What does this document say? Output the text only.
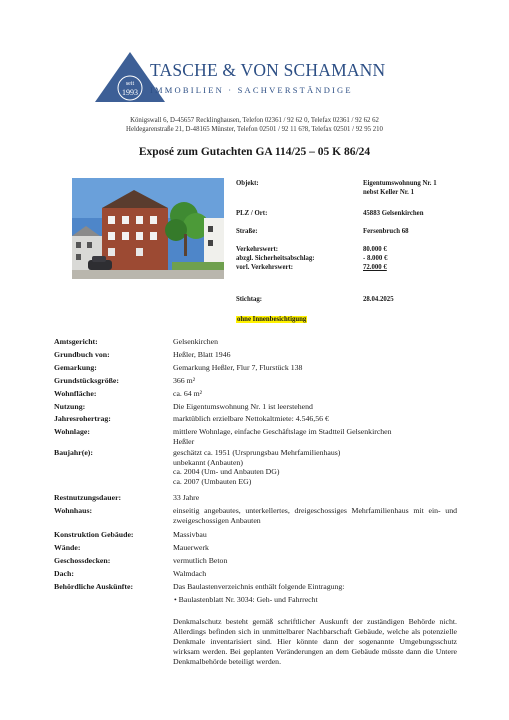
seit
1993
TASCHE & VON SCHAMANN
IMMOBILIEN · SACHVERSTÄNDIGE
Königswall 6, D-45657 Recklinghausen, Telefon 02361 / 92 62 0, Telefax 02361 / 92 62 62
Heldegarenstraße 21, D-48165 Münster, Telefon 02501 / 92 11 6?8, Telefax 02501 / 92 95 210
Exposé zum Gutachten GA 114/25 – 05 K 86/24
Objekt:	Eigentumswohnung Nr. 1
nebst Keller Nr. 1
PLZ / Ort:	45883 Gelsenkirchen
Straße:	Fersenbruch 68
Verkehrswert:	80.000 €
abzgl. Sicherheitsabschlag:	- 8.000 €
vorl. Verkehrswert:	72.000 €
Stichtag:	28.04.2025
ohne Innenbesichtigung
Amtsgericht:	Gelsenkirchen
Grundbuch von:	Heßler, Blatt 1946
Gemarkung:	Gemarkung Heßler, Flur 7, Flurstück 138
Grundstücksgröße:	366 m²
Wohnfläche:	ca. 64 m²
Nutzung:	Die Eigentumswohnung Nr. 1 ist leerstehend
Jahresrohertrag:	marktüblich erzielbare Nettokaltmiete: 4.546,56 €
Wohnlage:	mittlere Wohnlage, einfache Geschäftslage im Stadtteil Gelsenkirchen
Heßler
Baujahr(e):	geschätzt ca. 1951 (Ursprungsbau Mehrfamilienhaus)
unbekannt (Anbauten)
ca. 2004 (Um- und Anbauten DG)
ca. 2007 (Umbauten EG)
Restnutzungsdauer:	33 Jahre
Wohnhaus:	einseitig angebautes, unterkellertes, dreigeschossiges Mehrfamilienhaus mit ein- und zweigeschossigen Anbauten
Konstruktion Gebäude:	Massivbau
Wände:	Mauerwerk
Geschossdecken:	vermutlich Beton
Dach:	Walmdach
Behördliche Auskünfte:	Das Baulastenverzeichnis enthält folgende Eintragung:
• Baulastenblatt Nr. 3034: Geh- und Fahrrecht
Denkmalschutz besteht gemäß schriftlicher Auskunft der zuständigen Behörde nicht. Allerdings befinden sich in unmittelbarer Nachbarschaft Gebäude, welche als potenzielle Denkmale inventarisiert sind. Hier könnte dann der sogenannte Umgebungsschutz wirksam werden. Bei geplanten Veränderungen an dem Gebäude müsste dann die Untere Denkmalbehörde beteiligt werden.
